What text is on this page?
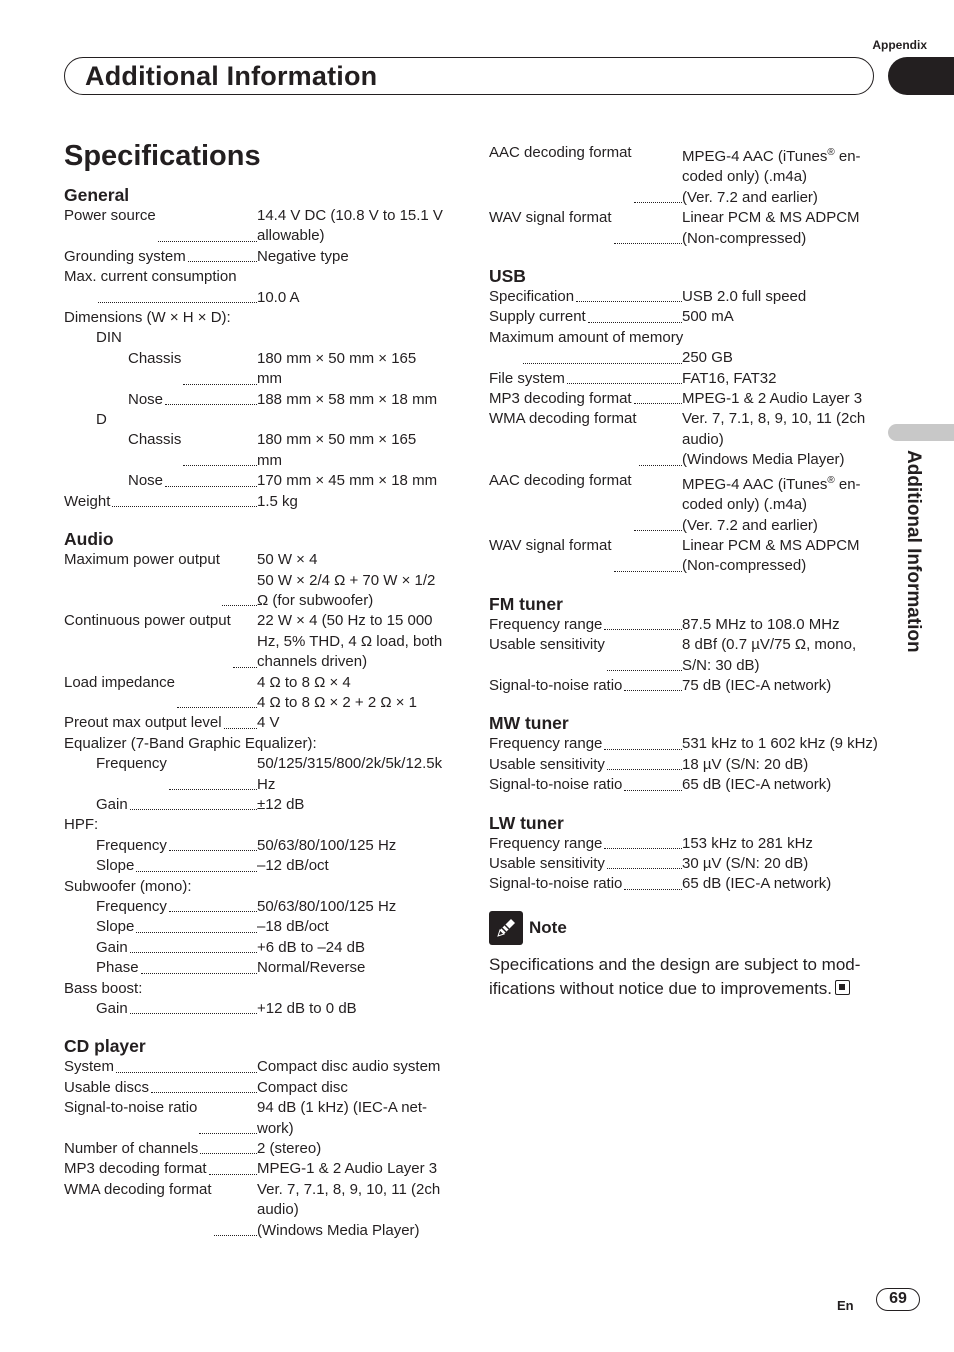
Appendix
Additional Information
Additional Information
Specifications
General
Power source	14.4 V DC (10.8 V to 15.1 V
allowable)
Grounding system	Negative type
Max. current consumption
10.0 A
Dimensions (W × H × D):
DIN
Chassis	180 mm × 50 mm × 165
mm
Nose	188 mm × 58 mm × 18 mm
D
Chassis	180 mm × 50 mm × 165
mm
Nose	170 mm × 45 mm × 18 mm
Weight	1.5 kg
Audio
Maximum power output 50 W × 4
50 W × 2/4 Ω + 70 W × 1/2
Ω (for subwoofer)
Continuous power output 22 W × 4 (50 Hz to 15 000
Hz, 5% THD, 4 Ω load, both
channels driven)
Load impedance	4 Ω to 8 Ω × 4
4 Ω to 8 Ω × 2 + 2 Ω × 1
Preout max output level 4 V
Equalizer (7-Band Graphic Equalizer):
Frequency	50/125/315/800/2k/5k/12.5k
Hz
Gain	±12 dB
HPF:
Frequency	50/63/80/100/125 Hz
Slope	–12 dB/oct
Subwoofer (mono):
Frequency	50/63/80/100/125 Hz
Slope	–18 dB/oct
Gain	+6 dB to –24 dB
Phase	Normal/Reverse
Bass boost:
Gain	+12 dB to 0 dB
CD player
System	Compact disc audio system
Usable discs	Compact disc
Signal-to-noise ratio	94 dB (1 kHz) (IEC-A net-
work)
Number of channels	2 (stereo)
MP3 decoding format	MPEG-1 & 2 Audio Layer 3
WMA decoding format	Ver. 7, 7.1, 8, 9, 10, 11 (2ch
audio)
(Windows Media Player)
AAC decoding format	MPEG-4 AAC (iTunes® en-
coded only) (.m4a)
(Ver. 7.2 and earlier)
WAV signal format	Linear PCM & MS ADPCM
(Non-compressed)
USB
Specification	USB 2.0 full speed
Supply current	500 mA
Maximum amount of memory
250 GB
File system	FAT16, FAT32
MP3 decoding format	MPEG-1 & 2 Audio Layer 3
WMA decoding format	Ver. 7, 7.1, 8, 9, 10, 11 (2ch
audio)
(Windows Media Player)
AAC decoding format	MPEG-4 AAC (iTunes® en-
coded only) (.m4a)
(Ver. 7.2 and earlier)
WAV signal format	Linear PCM & MS ADPCM
(Non-compressed)
FM tuner
Frequency range	87.5 MHz to 108.0 MHz
Usable sensitivity	8 dBf (0.7 µV/75 Ω, mono,
S/N: 30 dB)
Signal-to-noise ratio	75 dB (IEC-A network)
MW tuner
Frequency range	531 kHz to 1 602 kHz (9 kHz)
Usable sensitivity	18 µV (S/N: 20 dB)
Signal-to-noise ratio	65 dB (IEC-A network)
LW tuner
Frequency range	153 kHz to 281 kHz
Usable sensitivity	30 µV (S/N: 20 dB)
Signal-to-noise ratio	65 dB (IEC-A network)
Note
Specifications and the design are subject to mod-
ifications without notice due to improvements.
En	69
